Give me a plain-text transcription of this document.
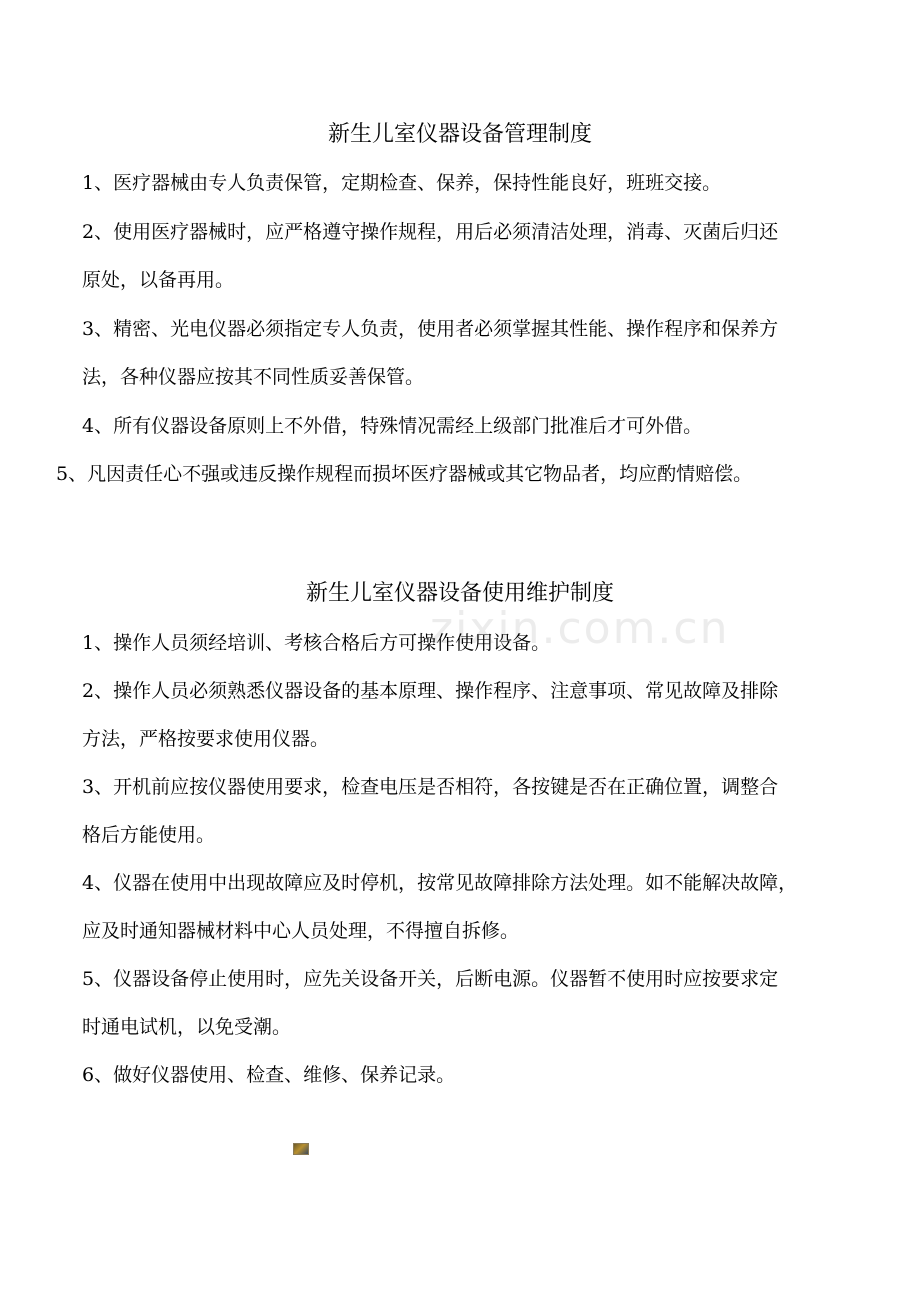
zixin.com.cn
新生儿室仪器设备管理制度

1、医疗器械由专人负责保管，定期检查、保养，保持性能良好，班班交接。

2、使用医疗器械时，应严格遵守操作规程，用后必须清洁处理，消毒、灭菌后归还

原处，以备再用。

3、精密、光电仪器必须指定专人负责，使用者必须掌握其性能、操作程序和保养方

法，各种仪器应按其不同性质妥善保管。

4、所有仪器设备原则上不外借，特殊情况需经上级部门批准后才可外借。

5、凡因责任心不强或违反操作规程而损坏医疗器械或其它物品者，均应酌情赔偿。

新生儿室仪器设备使用维护制度

1、操作人员须经培训、考核合格后方可操作使用设备。

2、操作人员必须熟悉仪器设备的基本原理、操作程序、注意事项、常见故障及排除

方法，严格按要求使用仪器。

3、开机前应按仪器使用要求，检查电压是否相符，各按键是否在正确位置，调整合

格后方能使用。

4、仪器在使用中出现故障应及时停机，按常见故障排除方法处理。如不能解决故障，

应及时通知器械材料中心人员处理，不得擅自拆修。

5、仪器设备停止使用时，应先关设备开关，后断电源。仪器暂不使用时应按要求定

时通电试机，以免受潮。

6、做好仪器使用、检查、维修、保养记录。
